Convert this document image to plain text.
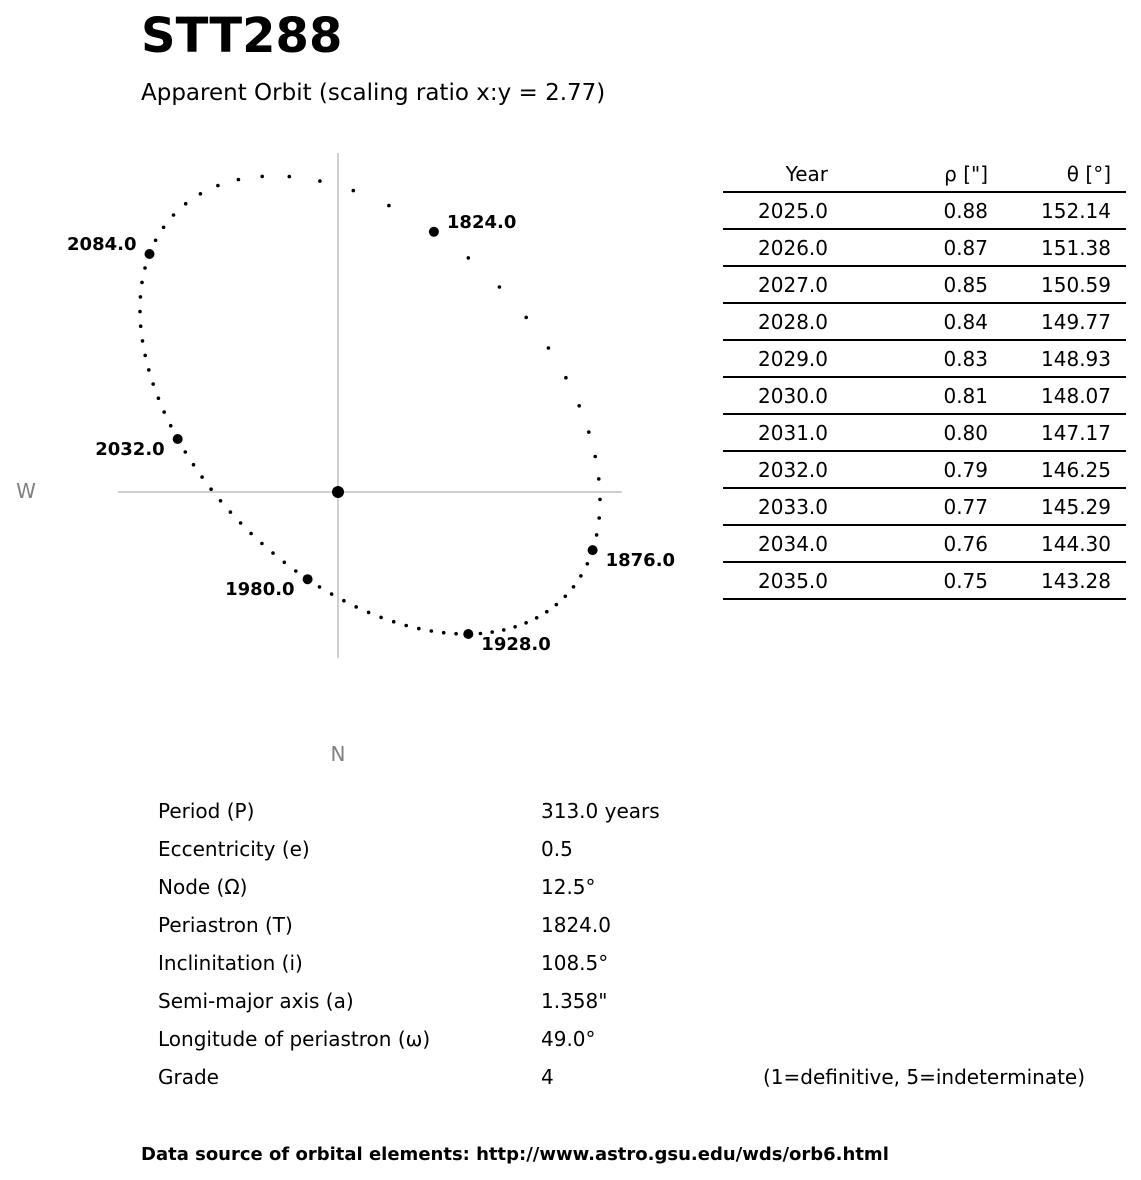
STT288
Apparent Orbit (scaling ratio x:y = 2.77)
W
N
1824.0
1876.0
1928.0
1980.0
2032.0
2084.0
Year	ρ ["]	θ [°]
2025.0	0.88	152.14
2026.0	0.87	151.38
2027.0	0.85	150.59
2028.0	0.84	149.77
2029.0	0.83	148.93
2030.0	0.81	148.07
2031.0	0.80	147.17
2032.0	0.79	146.25
2033.0	0.77	145.29
2034.0	0.76	144.30
2035.0	0.75	143.28
Period (P)	313.0 years
Eccentricity (e)	0.5
Node (Ω)	12.5°
Periastron (T)	1824.0
Inclinitation (i)	108.5°
Semi-major axis (a)	1.358"
Longitude of periastron (ω)	49.0°
Grade	4	(1=definitive, 5=indeterminate)
Data source of orbital elements: http://www.astro.gsu.edu/wds/orb6.html
